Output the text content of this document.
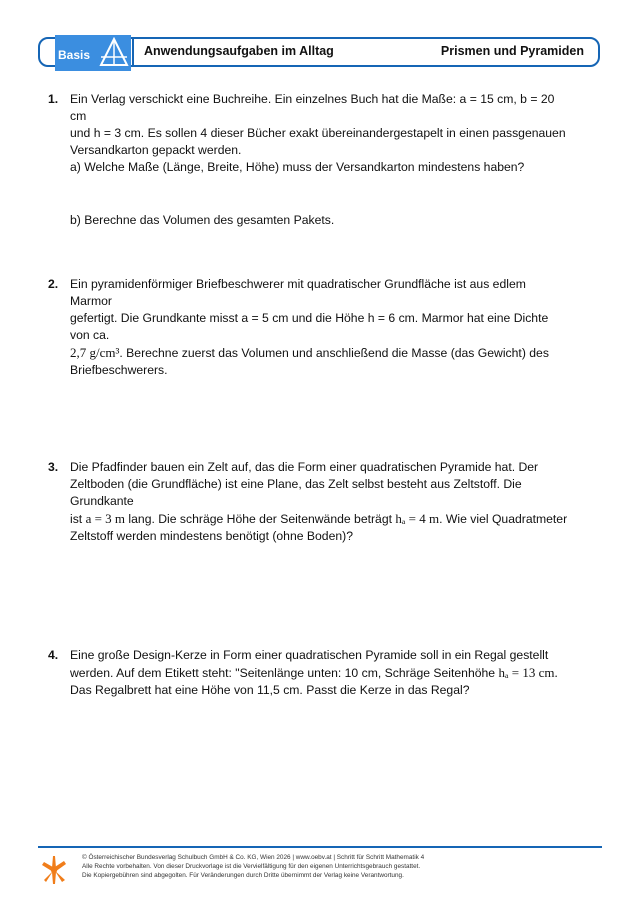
Basis	Anwendungsaufgaben im Alltag	Prismen und Pyramiden
1. Ein Verlag verschickt eine Buchreihe. Ein einzelnes Buch hat die Maße: a = 15 cm, b = 20 cm

und h = 3 cm. Es sollen 4 dieser Bücher exakt übereinandergestapelt in einen passgenauen

Versandkarton gepackt werden.

a) Welche Maße (Länge, Breite, Höhe) muss der Versandkarton mindestens haben?

b) Berechne das Volumen des gesamten Pakets.

2. Ein pyramidenförmiger Briefbeschwerer mit quadratischer Grundfläche ist aus edlem Marmor

gefertigt. Die Grundkante misst a = 5 cm und die Höhe h = 6 cm. Marmor hat eine Dichte von ca.

2,7 g/cm³. Berechne zuerst das Volumen und anschließend die Masse (das Gewicht) des

Briefbeschwerers.

3. Die Pfadfinder bauen ein Zelt auf, das die Form einer quadratischen Pyramide hat. Der

Zeltboden (die Grundfläche) ist eine Plane, das Zelt selbst besteht aus Zeltstoff. Die Grundkante

ist a = 3 m lang. Die schräge Höhe der Seitenwände beträgt hₐ = 4 m. Wie viel Quadratmeter

Zeltstoff werden mindestens benötigt (ohne Boden)?

4. Eine große Design-Kerze in Form einer quadratischen Pyramide soll in ein Regal gestellt

werden. Auf dem Etikett steht: "Seitenlänge unten: 10 cm, Schräge Seitenhöhe hₐ = 13 cm.

Das Regalbrett hat eine Höhe von 11,5 cm. Passt die Kerze in das Regal?

© Österreichischer Bundesverlag Schulbuch GmbH & Co. KG, Wien 2026 | www.oebv.at | Schritt für Schritt Mathematik 4
Alle Rechte vorbehalten. Von dieser Druckvorlage ist die Vervielfältigung für den eigenen Unterrichtsgebrauch gestattet.
Die Kopiergebühren sind abgegolten. Für Veränderungen durch Dritte übernimmt der Verlag keine Verantwortung.
